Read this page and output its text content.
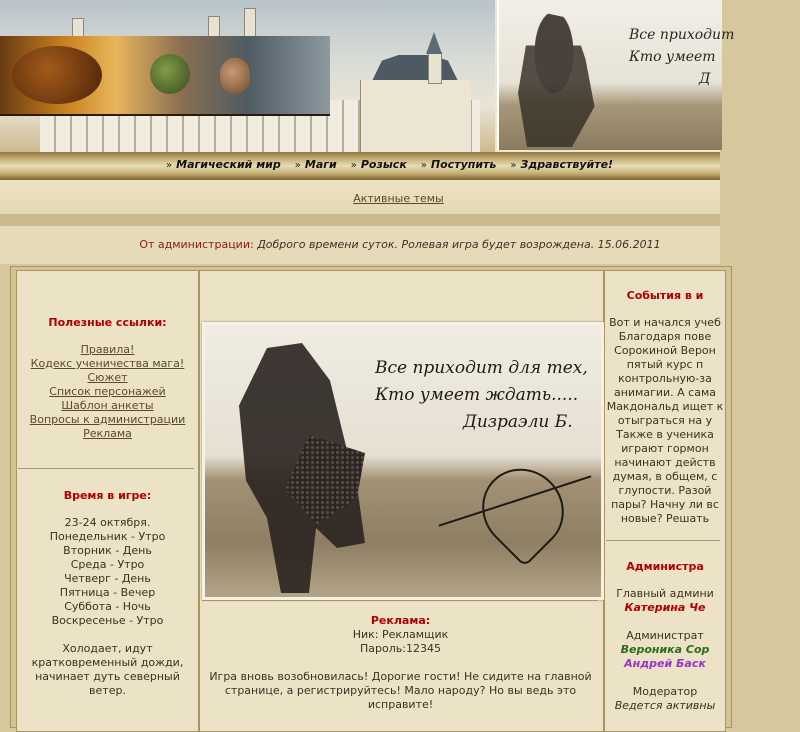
Все приходит
Кто умеет
Д
» Магический мир » Маги » Розыск » Поступить » Здравствуйте!
Активные темы
От администрации: Доброго времени суток. Ролевая игра будет возрождена. 15.06.2011
Полезные ссылки:
Правила!
Кодекс ученичества мага!
Сюжет
Список персонажей
Шаблон анкеты
Вопросы к администрации
Реклама
Время в игре:
23-24 октября.
Понедельник - Утро
Вторник - День
Среда - Утро
Четверг - День
Пятница - Вечер
Суббота - Ночь
Воскресенье - Утро
Холодает, идут
кратковременный дожди,
начинает дуть северный
ветер.
Все приходит для тех,
Кто умеет ждать.....
Дизраэли Б.
Реклама:
Ник: Рекламщик
Пароль:12345
Игра вновь возобновилась! Дорогие гости! Не сидите на главной
странице, а регистрируйтесь! Мало народу? Но вы ведь это
исправите!
События в и
Вот и начался учеб
Благодаря пове
Сорокиной Верон
пятый курс п
контрольную-за
анимагии. А сама
Макдональд ищет к
отыграться на у
Также в ученика
играют гормон
начинают действ
думая, в общем, с
глупости. Разой
пары? Начну ли вс
новые? Решать
Администра
Главный админи
Катерина Че
Администрат
Вероника Сор
Андрей Баск
Модератор
Ведется активны
